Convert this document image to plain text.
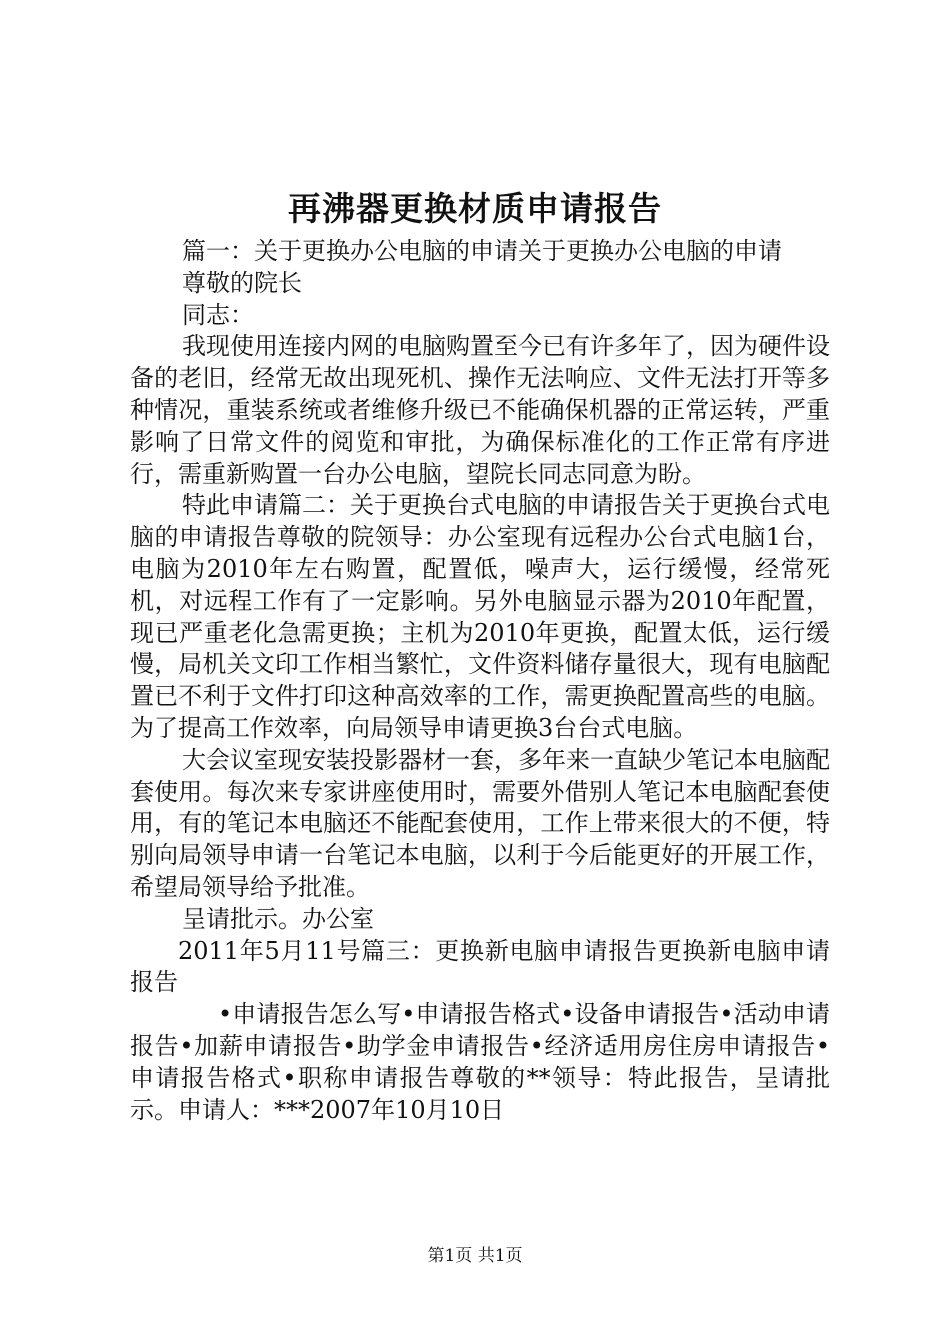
再沸器更换材质申请报告

篇一：关于更换办公电脑的申请关于更换办公电脑的申请

尊敬的院长

同志：

我现使用连接内网的电脑购置至今已有许多年了，因为硬件设备的老旧，经常无故出现死机、操作无法响应、文件无法打开等多种情况，重装系统或者维修升级已不能确保机器的正常运转，严重影响了日常文件的阅览和审批，为确保标准化的工作正常有序进行，需重新购置一台办公电脑，望院长同志同意为盼。

特此申请篇二：关于更换台式电脑的申请报告关于更换台式电脑的申请报告尊敬的院领导：办公室现有远程办公台式电脑1台，电脑为2010年左右购置，配置低，噪声大，运行缓慢，经常死机，对远程工作有了一定影响。另外电脑显示器为2010年配置，现已严重老化急需更换；主机为2010年更换，配置太低，运行缓慢，局机关文印工作相当繁忙，文件资料储存量很大，现有电脑配置已不利于文件打印这种高效率的工作，需更换配置高些的电脑。为了提高工作效率，向局领导申请更换3台台式电脑。

大会议室现安装投影器材一套，多年来一直缺少笔记本电脑配套使用。每次来专家讲座使用时，需要外借别人笔记本电脑配套使用，有的笔记本电脑还不能配套使用，工作上带来很大的不便，特别向局领导申请一台笔记本电脑，以利于今后能更好的开展工作，希望局领导给予批准。

呈请批示。办公室

2011年5月11号篇三：更换新电脑申请报告更换新电脑申请报告

•申请报告怎么写•申请报告格式•设备申请报告•活动申请报告•加薪申请报告•助学金申请报告•经济适用房住房申请报告•申请报告格式•职称申请报告尊敬的**领导：特此报告，呈请批示。申请人：***2007年10月10日

第1页 共1页
